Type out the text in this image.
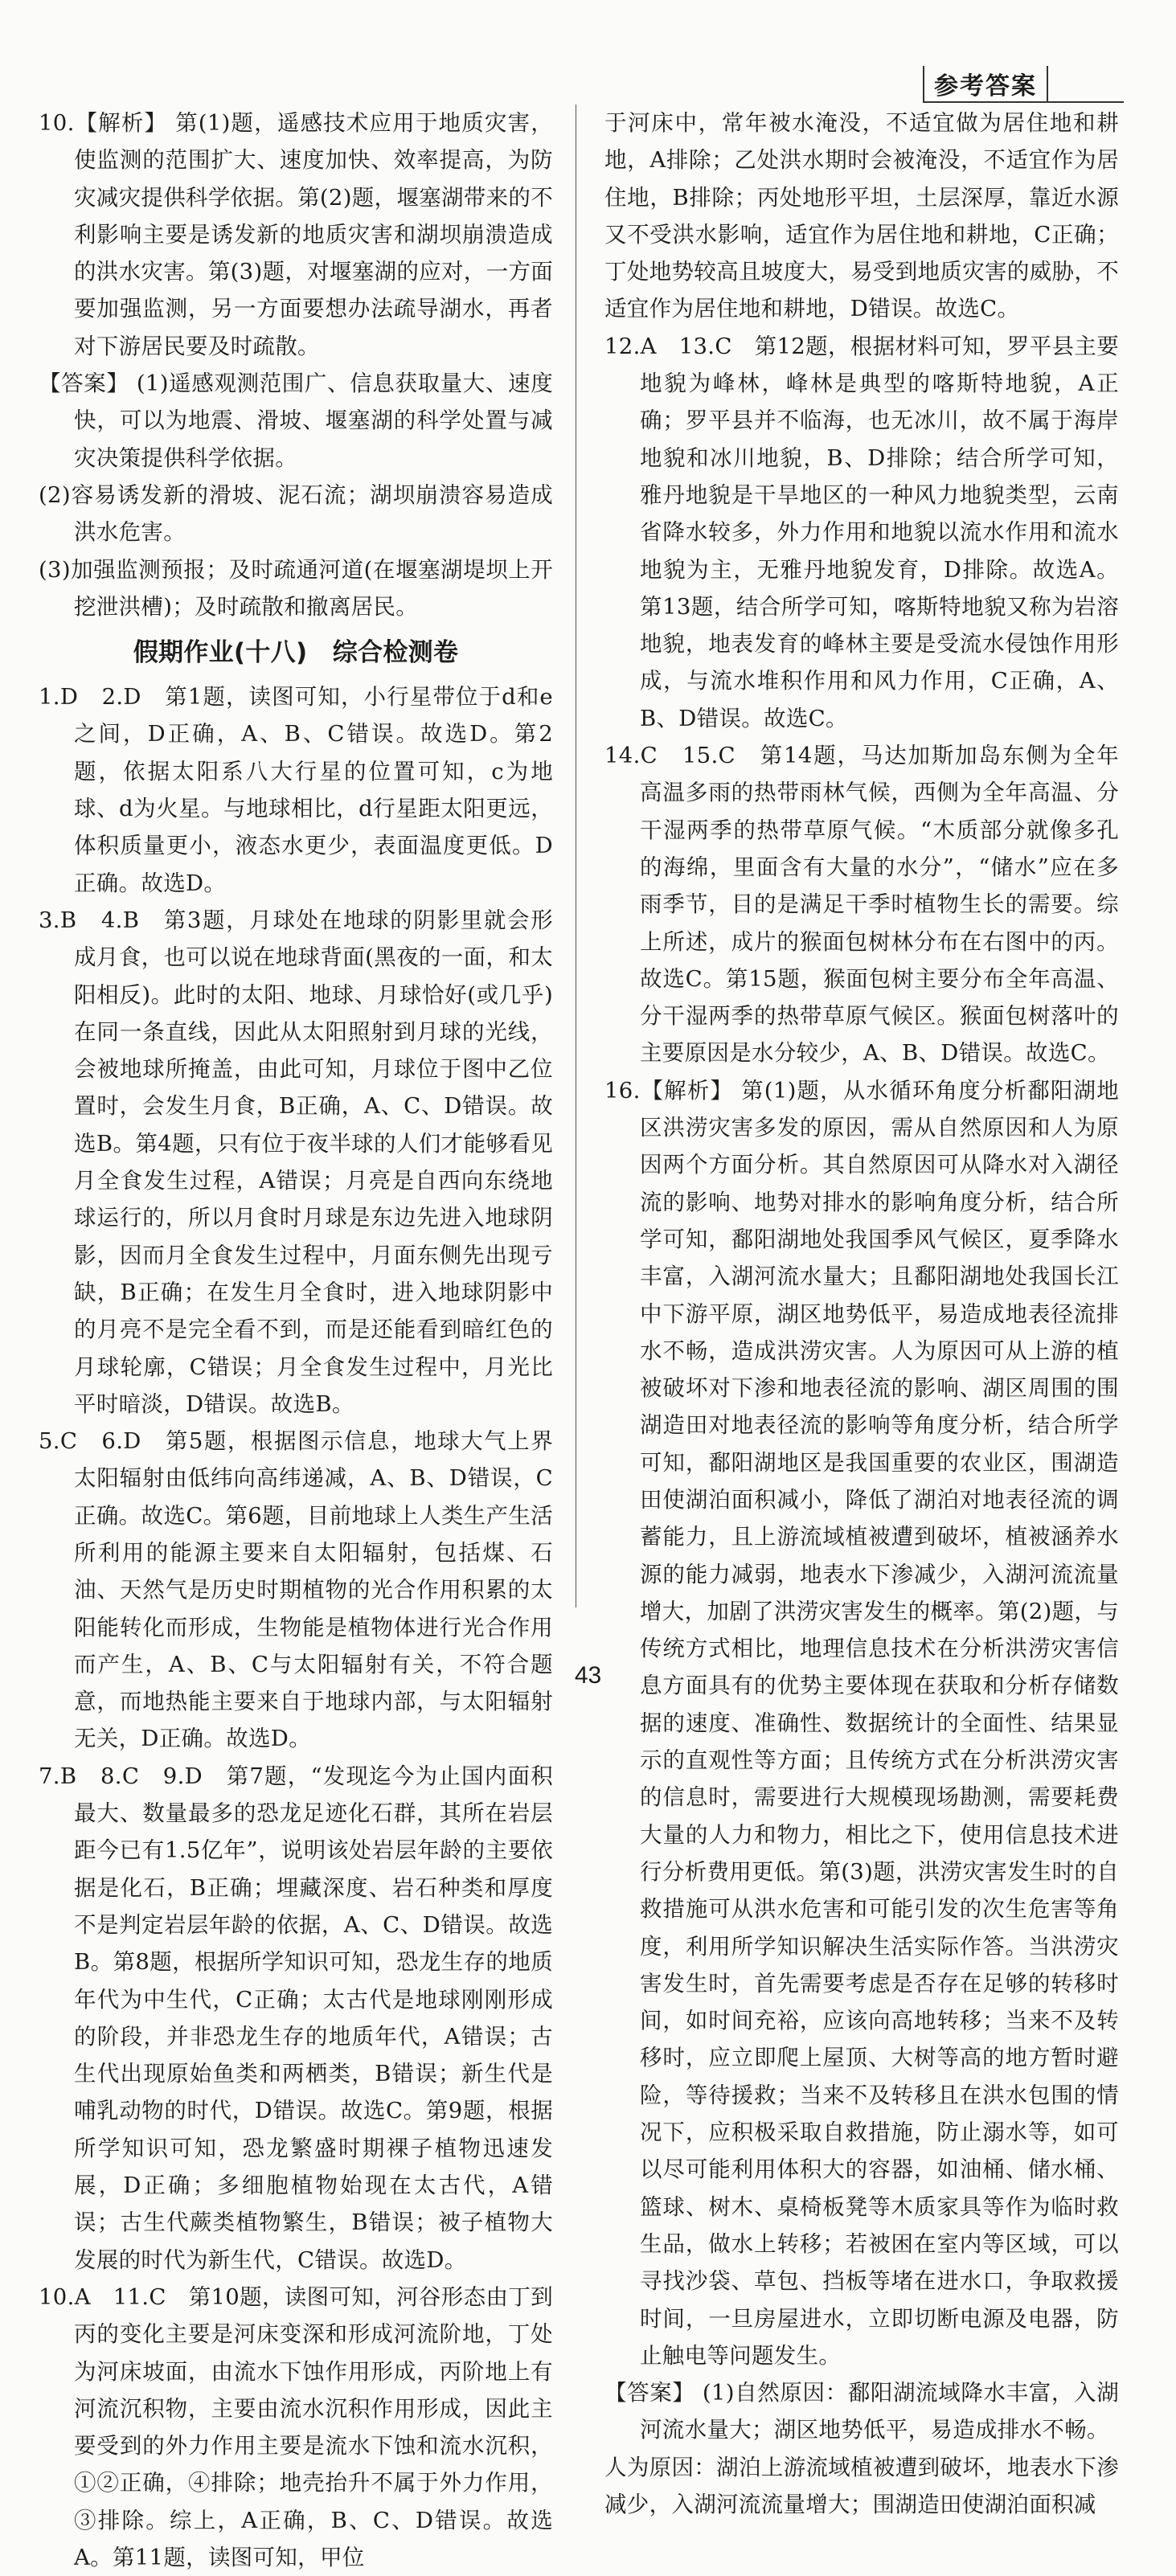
参考答案

10.【解析】 第(1)题，遥感技术应用于地质灾害，使监测的范围扩大、速度加快、效率提高，为防灾减灾提供科学依据。第(2)题，堰塞湖带来的不利影响主要是诱发新的地质灾害和湖坝崩溃造成的洪水灾害。第(3)题，对堰塞湖的应对，一方面要加强监测，另一方面要想办法疏导湖水，再者对下游居民要及时疏散。

【答案】 (1)遥感观测范围广、信息获取量大、速度快，可以为地震、滑坡、堰塞湖的科学处置与减灾决策提供科学依据。

(2)容易诱发新的滑坡、泥石流；湖坝崩溃容易造成洪水危害。

(3)加强监测预报；及时疏通河道(在堰塞湖堤坝上开挖泄洪槽)；及时疏散和撤离居民。

假期作业(十八)　综合检测卷

1.D　2.D　第1题，读图可知，小行星带位于d和e之间，D正确，A、B、C错误。故选D。第2题，依据太阳系八大行星的位置可知，c为地球、d为火星。与地球相比，d行星距太阳更远，体积质量更小，液态水更少，表面温度更低。D正确。故选D。

3.B　4.B　第3题，月球处在地球的阴影里就会形成月食，也可以说在地球背面(黑夜的一面，和太阳相反)。此时的太阳、地球、月球恰好(或几乎)在同一条直线，因此从太阳照射到月球的光线，会被地球所掩盖，由此可知，月球位于图中乙位置时，会发生月食，B正确，A、C、D错误。故选B。第4题，只有位于夜半球的人们才能够看见月全食发生过程，A错误；月亮是自西向东绕地球运行的，所以月食时月球是东边先进入地球阴影，因而月全食发生过程中，月面东侧先出现亏缺，B正确；在发生月全食时，进入地球阴影中的月亮不是完全看不到，而是还能看到暗红色的月球轮廓，C错误；月全食发生过程中，月光比平时暗淡，D错误。故选B。

5.C　6.D　第5题，根据图示信息，地球大气上界太阳辐射由低纬向高纬递减，A、B、D错误，C正确。故选C。第6题，目前地球上人类生产生活所利用的能源主要来自太阳辐射，包括煤、石油、天然气是历史时期植物的光合作用积累的太阳能转化而形成，生物能是植物体进行光合作用而产生，A、B、C与太阳辐射有关，不符合题意，而地热能主要来自于地球内部，与太阳辐射无关，D正确。故选D。

7.B　8.C　9.D　第7题，“发现迄今为止国内面积最大、数量最多的恐龙足迹化石群，其所在岩层距今已有1.5亿年”，说明该处岩层年龄的主要依据是化石，B正确；埋藏深度、岩石种类和厚度不是判定岩层年龄的依据，A、C、D错误。故选B。第8题，根据所学知识可知，恐龙生存的地质年代为中生代，C正确；太古代是地球刚刚形成的阶段，并非恐龙生存的地质年代，A错误；古生代出现原始鱼类和两栖类，B错误；新生代是哺乳动物的时代，D错误。故选C。第9题，根据所学知识可知，恐龙繁盛时期裸子植物迅速发展，D正确；多细胞植物始现在太古代，A错误；古生代蕨类植物繁生，B错误；被子植物大发展的时代为新生代，C错误。故选D。

10.A　11.C　第10题，读图可知，河谷形态由丁到丙的变化主要是河床变深和形成河流阶地，丁处为河床坡面，由流水下蚀作用形成，丙阶地上有河流沉积物，主要由流水沉积作用形成，因此主要受到的外力作用主要是流水下蚀和流水沉积，①②正确，④排除；地壳抬升不属于外力作用，③排除。综上，A正确，B、C、D错误。故选A。第11题，读图可知，甲位

于河床中，常年被水淹没，不适宜做为居住地和耕地，A排除；乙处洪水期时会被淹没，不适宜作为居住地，B排除；丙处地形平坦，土层深厚，靠近水源又不受洪水影响，适宜作为居住地和耕地，C正确；丁处地势较高且坡度大，易受到地质灾害的威胁，不适宜作为居住地和耕地，D错误。故选C。

12.A　13.C　第12题，根据材料可知，罗平县主要地貌为峰林，峰林是典型的喀斯特地貌，A正确；罗平县并不临海，也无冰川，故不属于海岸地貌和冰川地貌，B、D排除；结合所学可知，雅丹地貌是干旱地区的一种风力地貌类型，云南省降水较多，外力作用和地貌以流水作用和流水地貌为主，无雅丹地貌发育，D排除。故选A。第13题，结合所学可知，喀斯特地貌又称为岩溶地貌，地表发育的峰林主要是受流水侵蚀作用形成，与流水堆积作用和风力作用，C正确，A、B、D错误。故选C。

14.C　15.C　第14题，马达加斯加岛东侧为全年高温多雨的热带雨林气候，西侧为全年高温、分干湿两季的热带草原气候。“木质部分就像多孔的海绵，里面含有大量的水分”，“储水”应在多雨季节，目的是满足干季时植物生长的需要。综上所述，成片的猴面包树林分布在右图中的丙。故选C。第15题，猴面包树主要分布全年高温、分干湿两季的热带草原气候区。猴面包树落叶的主要原因是水分较少，A、B、D错误。故选C。

16.【解析】 第(1)题，从水循环角度分析鄱阳湖地区洪涝灾害多发的原因，需从自然原因和人为原因两个方面分析。其自然原因可从降水对入湖径流的影响、地势对排水的影响角度分析，结合所学可知，鄱阳湖地处我国季风气候区，夏季降水丰富，入湖河流水量大；且鄱阳湖地处我国长江中下游平原，湖区地势低平，易造成地表径流排水不畅，造成洪涝灾害。人为原因可从上游的植被破坏对下渗和地表径流的影响、湖区周围的围湖造田对地表径流的影响等角度分析，结合所学可知，鄱阳湖地区是我国重要的农业区，围湖造田使湖泊面积减小，降低了湖泊对地表径流的调蓄能力，且上游流域植被遭到破坏，植被涵养水源的能力减弱，地表水下渗减少，入湖河流流量增大，加剧了洪涝灾害发生的概率。第(2)题，与传统方式相比，地理信息技术在分析洪涝灾害信息方面具有的优势主要体现在获取和分析存储数据的速度、准确性、数据统计的全面性、结果显示的直观性等方面；且传统方式在分析洪涝灾害的信息时，需要进行大规模现场勘测，需要耗费大量的人力和物力，相比之下，使用信息技术进行分析费用更低。第(3)题，洪涝灾害发生时的自救措施可从洪水危害和可能引发的次生危害等角度，利用所学知识解决生活实际作答。当洪涝灾害发生时，首先需要考虑是否存在足够的转移时间，如时间充裕，应该向高地转移；当来不及转移时，应立即爬上屋顶、大树等高的地方暂时避险，等待援救；当来不及转移且在洪水包围的情况下，应积极采取自救措施，防止溺水等，如可以尽可能利用体积大的容器，如油桶、储水桶、篮球、树木、桌椅板凳等木质家具等作为临时救生品，做水上转移；若被困在室内等区域，可以寻找沙袋、草包、挡板等堵在进水口，争取救援时间，一旦房屋进水，立即切断电源及电器，防止触电等问题发生。

【答案】 (1)自然原因：鄱阳湖流域降水丰富，入湖河流水量大；湖区地势低平，易造成排水不畅。

人为原因：湖泊上游流域植被遭到破坏，地表水下渗减少，入湖河流流量增大；围湖造田使湖泊面积减

43
